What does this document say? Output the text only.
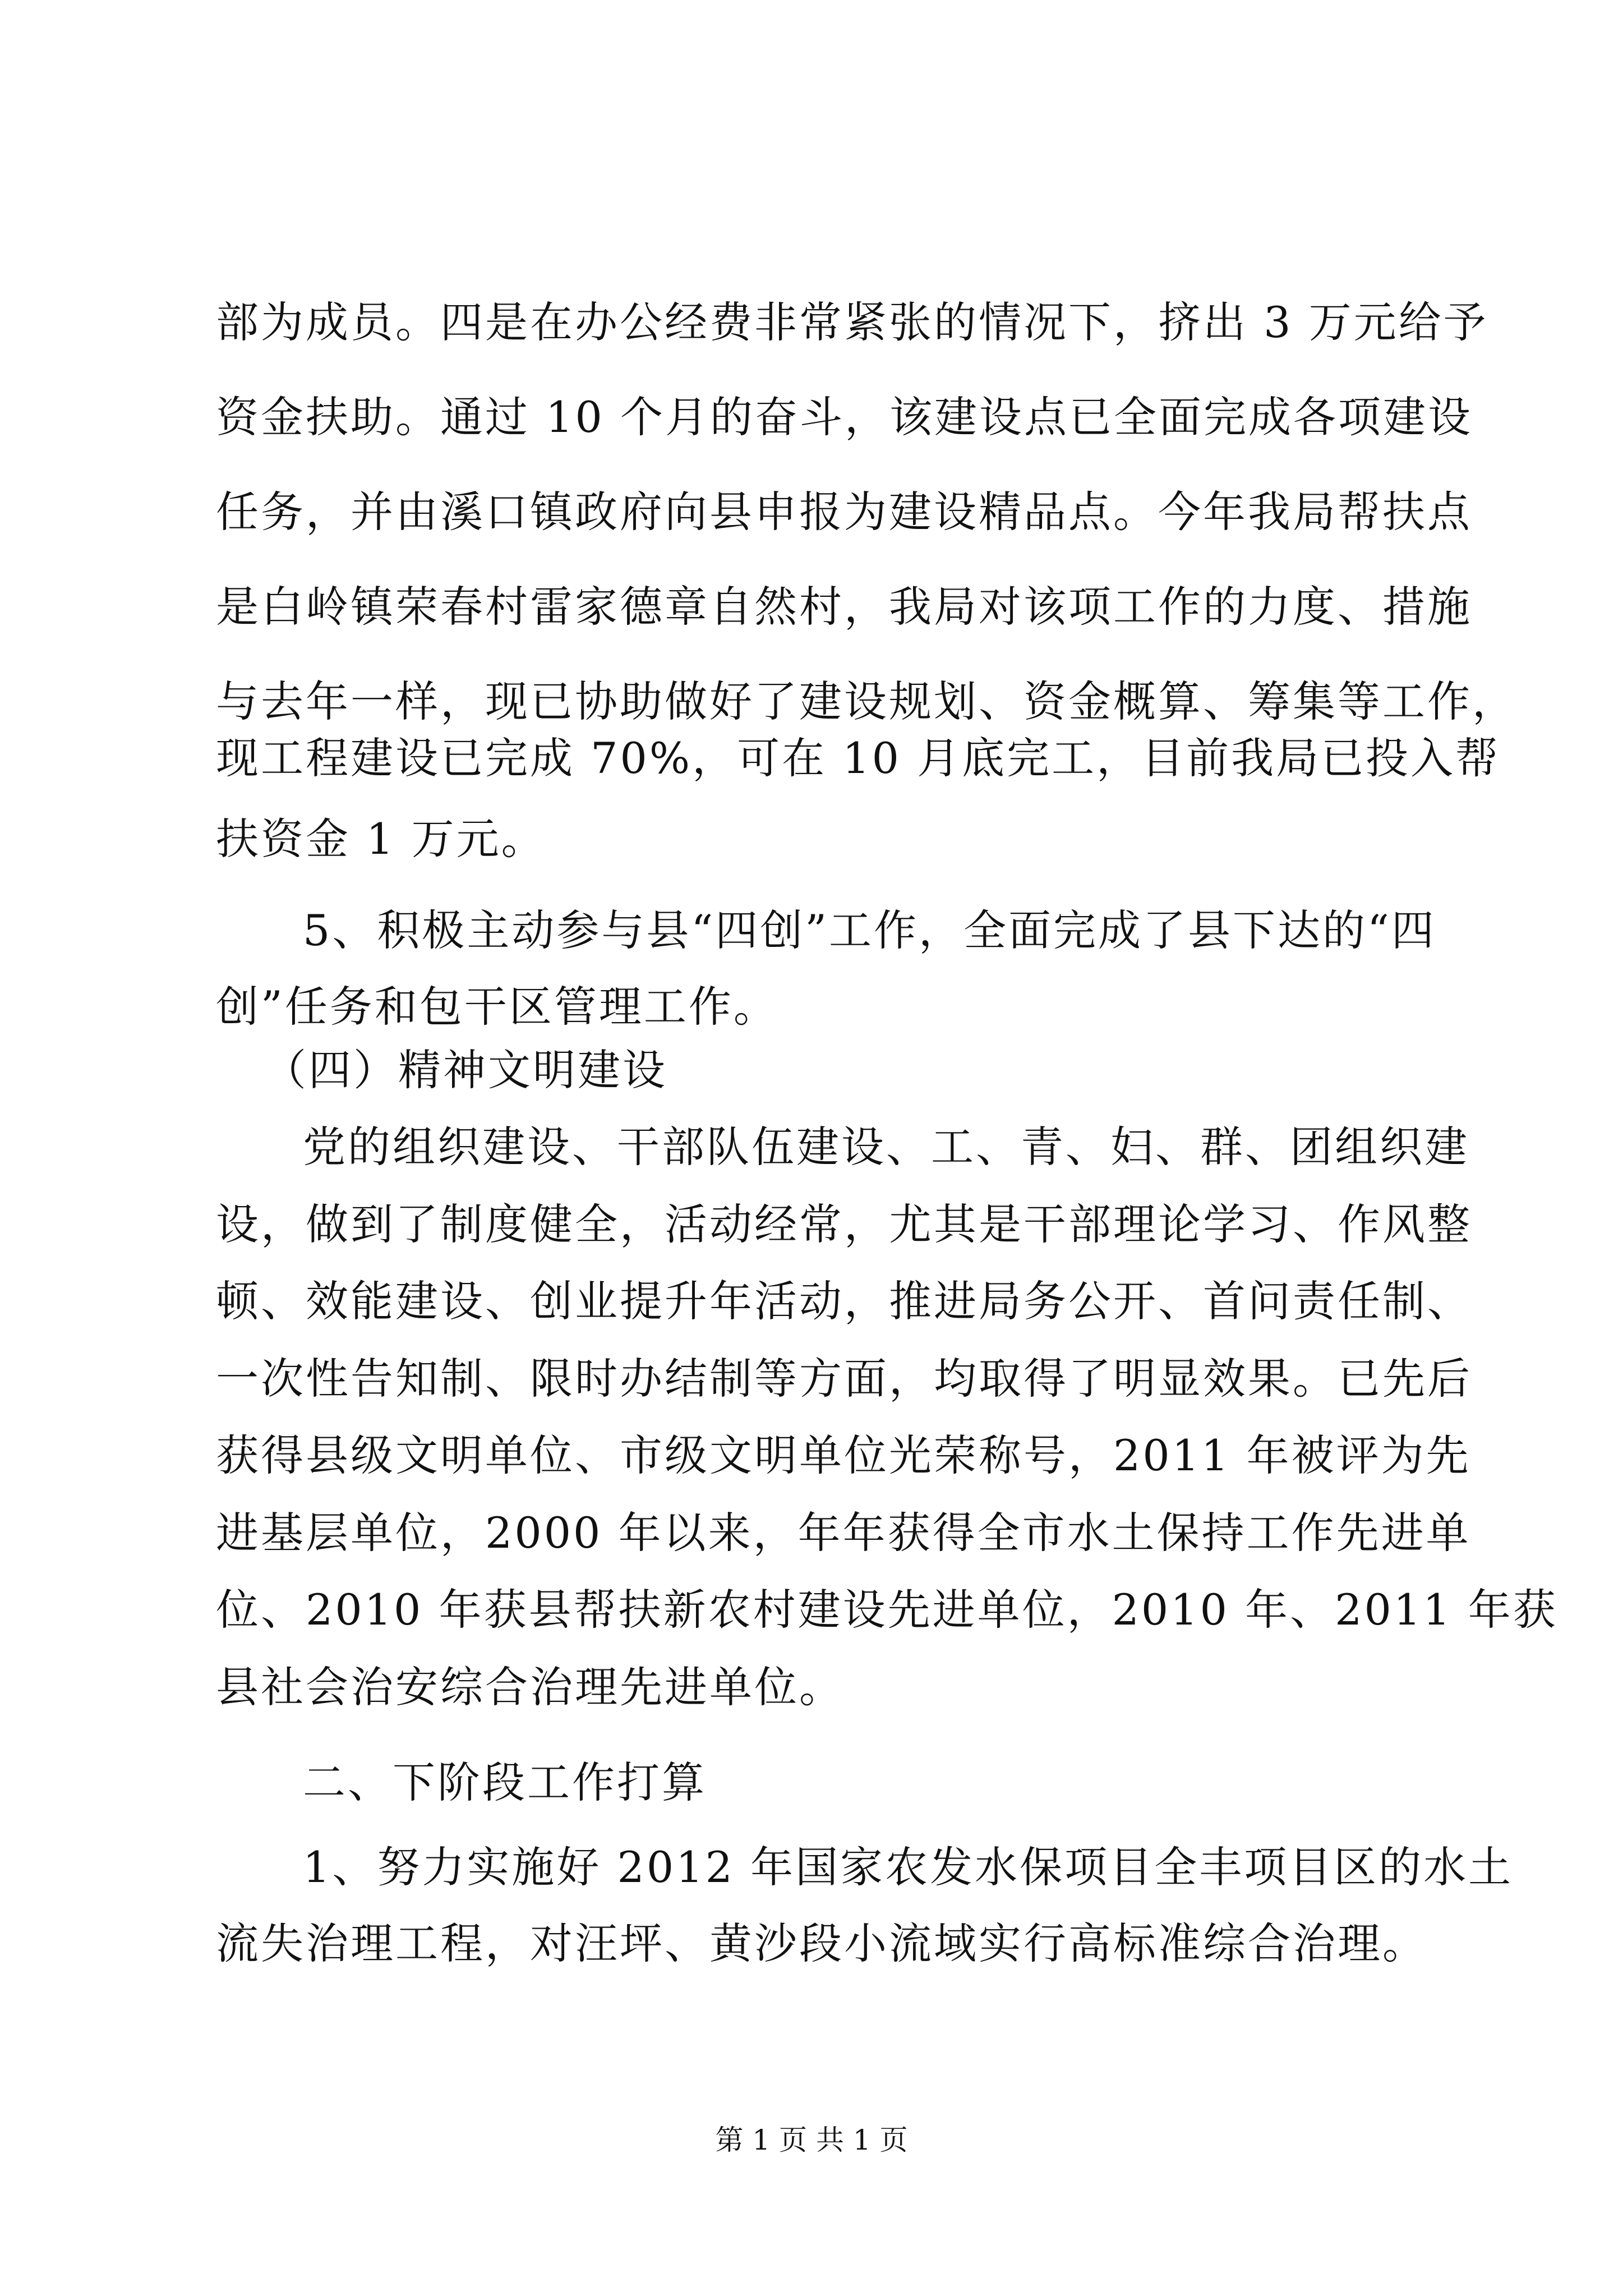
部为成员。四是在办公经费非常紧张的情况下，挤出 3 万元给予
资金扶助。通过 10 个月的奋斗，该建设点已全面完成各项建设
任务，并由溪口镇政府向县申报为建设精品点。今年我局帮扶点
是白岭镇荣春村雷家德章自然村，我局对该项工作的力度、措施
与去年一样，现已协助做好了建设规划、资金概算、筹集等工作，
现工程建设已完成 70%，可在 10 月底完工，目前我局已投入帮
扶资金 1 万元。
5、积极主动参与县“四创”工作，全面完成了县下达的“四
创”任务和包干区管理工作。
（四）精神文明建设
党的组织建设、干部队伍建设、工、青、妇、群、团组织建
设，做到了制度健全，活动经常，尤其是干部理论学习、作风整
顿、效能建设、创业提升年活动，推进局务公开、首问责任制、
一次性告知制、限时办结制等方面，均取得了明显效果。已先后
获得县级文明单位、市级文明单位光荣称号，2011 年被评为先
进基层单位，2000 年以来，年年获得全市水土保持工作先进单
位、2010 年获县帮扶新农村建设先进单位，2010 年、2011 年获
县社会治安综合治理先进单位。
二、下阶段工作打算
1、努力实施好 2012 年国家农发水保项目全丰项目区的水土
流失治理工程，对汪坪、黄沙段小流域实行高标准综合治理。
第 1 页 共 1 页
